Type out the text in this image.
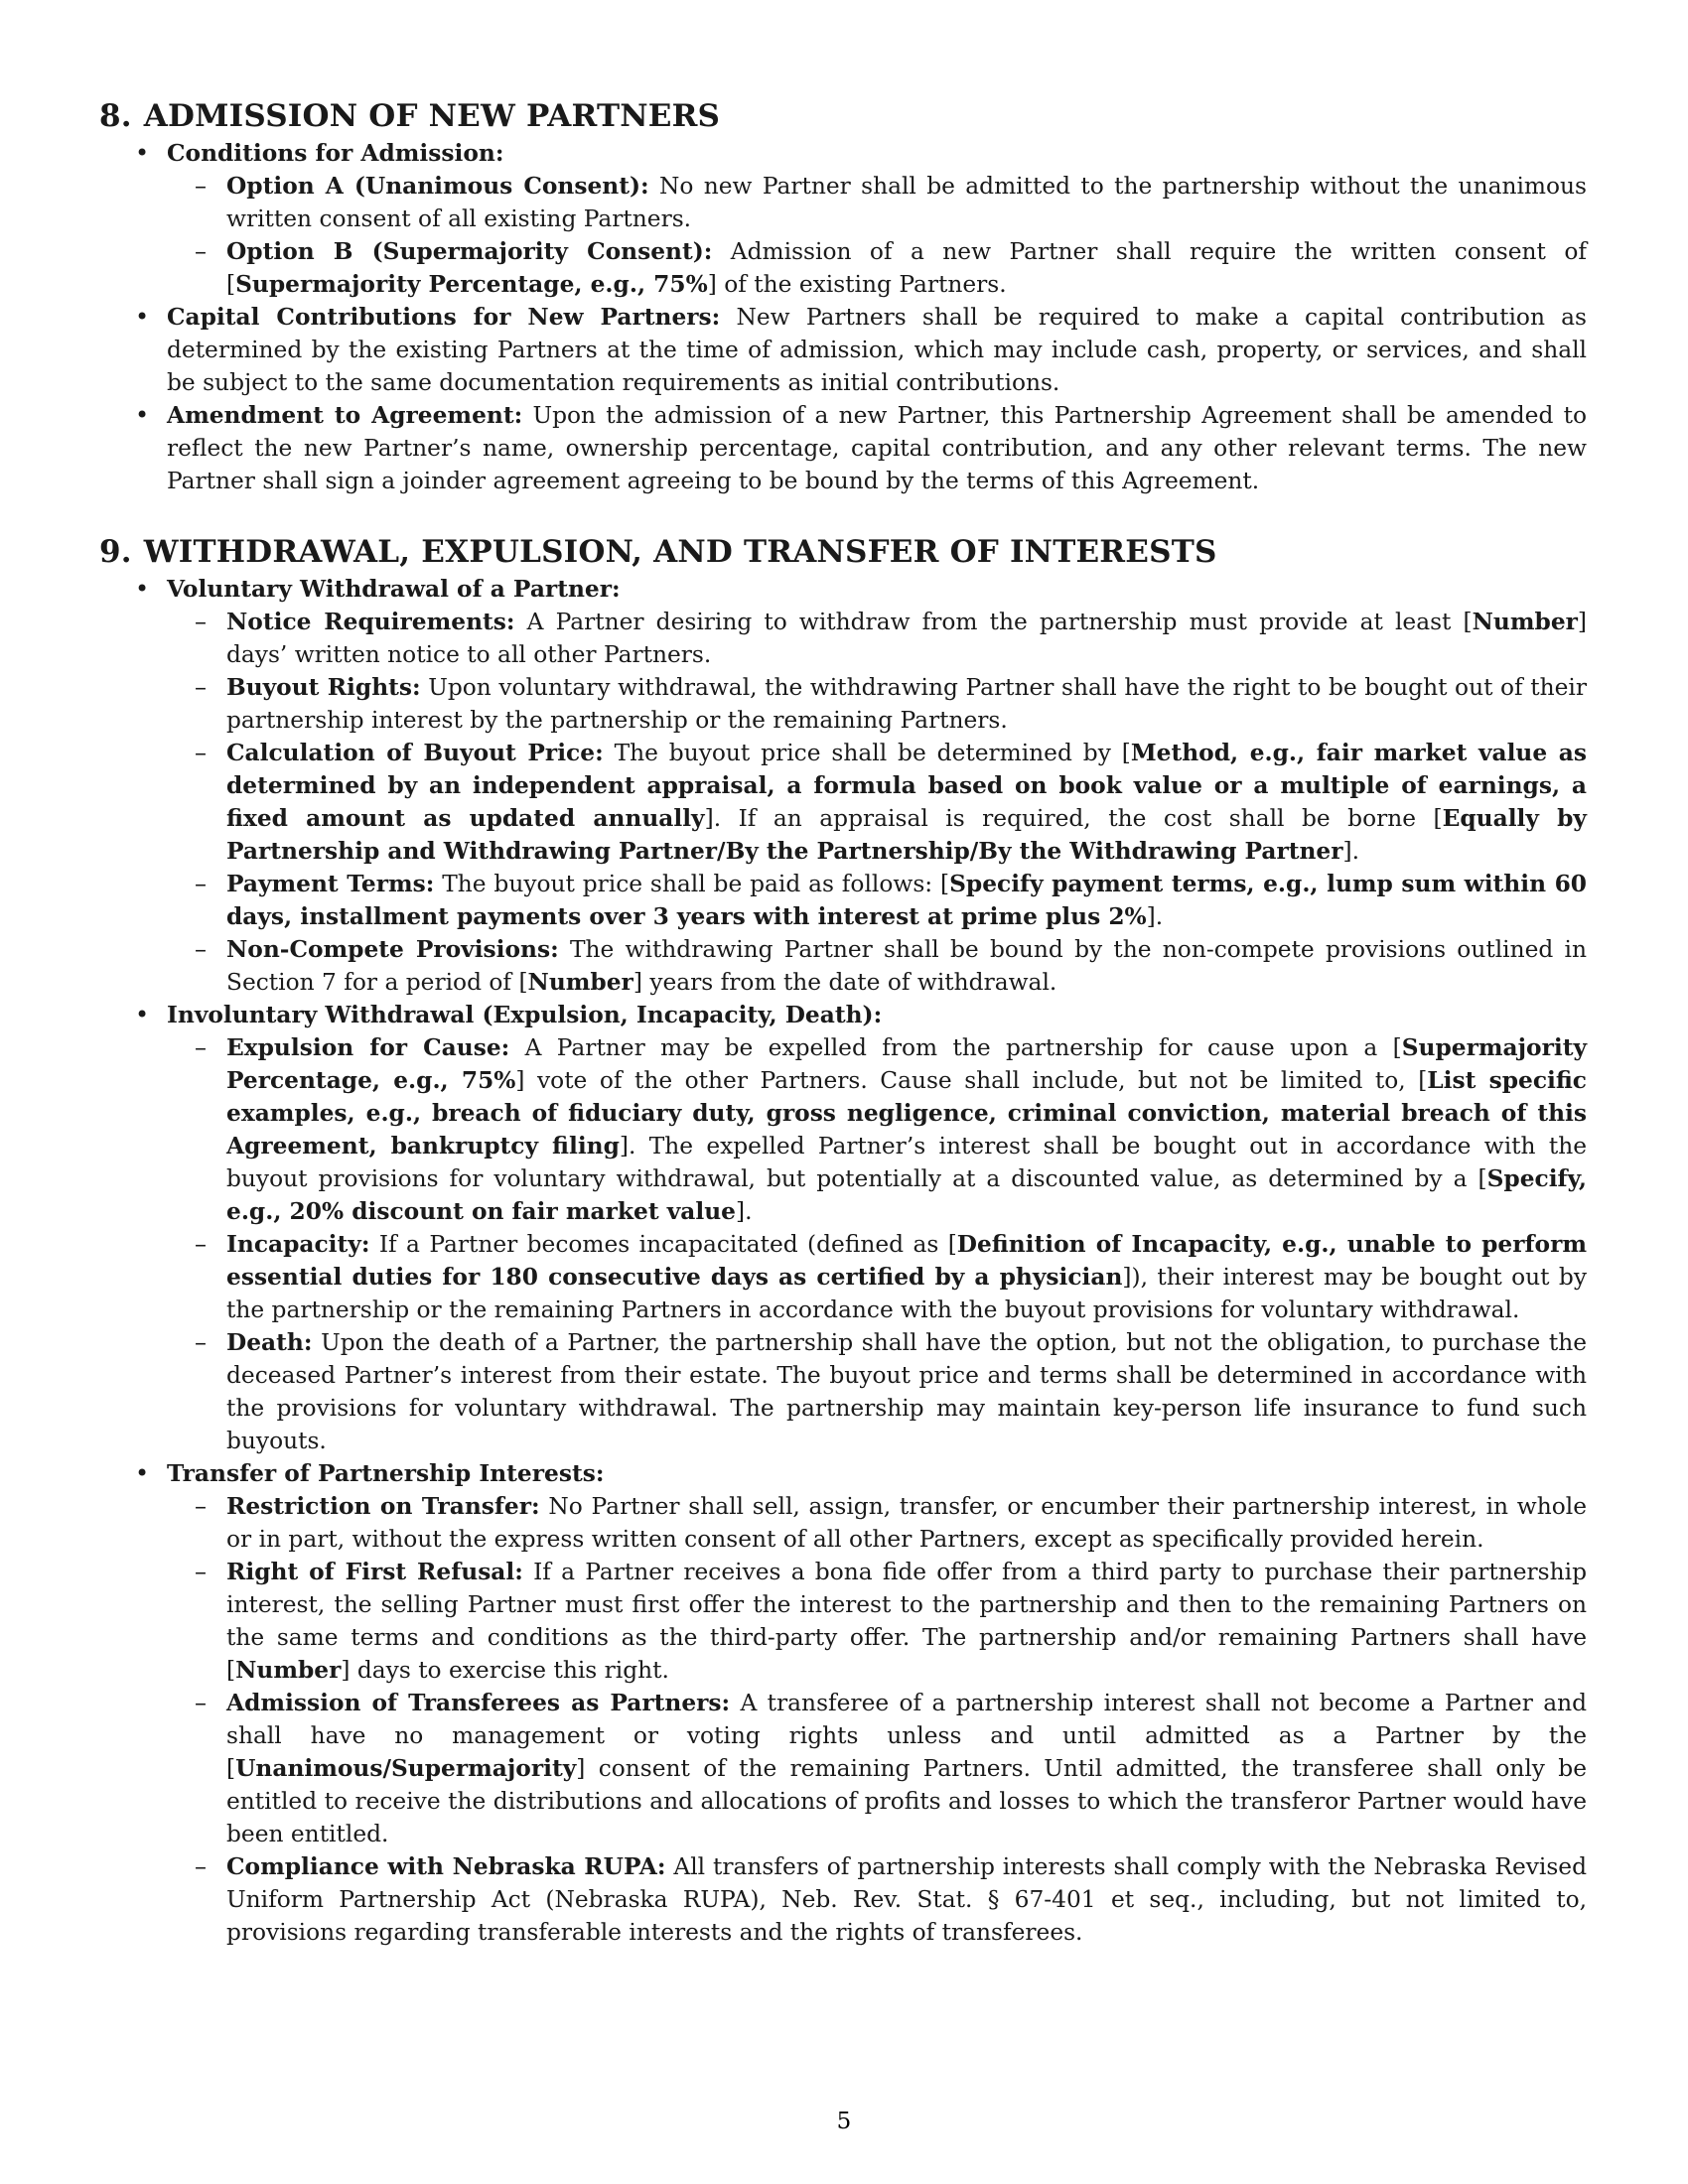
8. ADMISSION OF NEW PARTNERS
• Conditions for Admission:
– Option A (Unanimous Consent): No new Partner shall be admitted to the partnership without the unanimous written consent of all existing Partners.
– Option B (Supermajority Consent): Admission of a new Partner shall require the written consent of [Supermajority Percentage, e.g., 75%] of the existing Partners.
• Capital Contributions for New Partners: New Partners shall be required to make a capital contribution as determined by the existing Partners at the time of admission, which may include cash, property, or services, and shall be subject to the same documentation requirements as initial contributions.
• Amendment to Agreement: Upon the admission of a new Partner, this Partnership Agreement shall be amended to reflect the new Partner’s name, ownership percentage, capital contribution, and any other relevant terms. The new Partner shall sign a joinder agreement agreeing to be bound by the terms of this Agreement.
9. WITHDRAWAL, EXPULSION, AND TRANSFER OF INTERESTS
• Voluntary Withdrawal of a Partner:
– Notice Requirements: A Partner desiring to withdraw from the partnership must provide at least [Number] days’ written notice to all other Partners.
– Buyout Rights: Upon voluntary withdrawal, the withdrawing Partner shall have the right to be bought out of their partnership interest by the partnership or the remaining Partners.
– Calculation of Buyout Price: The buyout price shall be determined by [Method, e.g., fair market value as determined by an independent appraisal, a formula based on book value or a multiple of earnings, a fixed amount as updated annually]. If an appraisal is required, the cost shall be borne [Equally by Partnership and Withdrawing Partner/By the Partnership/By the Withdrawing Partner].
– Payment Terms: The buyout price shall be paid as follows: [Specify payment terms, e.g., lump sum within 60 days, installment payments over 3 years with interest at prime plus 2%].
– Non-Compete Provisions: The withdrawing Partner shall be bound by the non-compete provisions outlined in Section 7 for a period of [Number] years from the date of withdrawal.
• Involuntary Withdrawal (Expulsion, Incapacity, Death):
– Expulsion for Cause: A Partner may be expelled from the partnership for cause upon a [Supermajority Percentage, e.g., 75%] vote of the other Partners. Cause shall include, but not be limited to, [List specific examples, e.g., breach of fiduciary duty, gross negligence, criminal conviction, material breach of this Agreement, bankruptcy filing]. The expelled Partner’s interest shall be bought out in accordance with the buyout provisions for voluntary withdrawal, but potentially at a discounted value, as determined by a [Specify, e.g., 20% discount on fair market value].
– Incapacity: If a Partner becomes incapacitated (defined as [Definition of Incapacity, e.g., unable to perform essential duties for 180 consecutive days as certified by a physician]), their interest may be bought out by the partnership or the remaining Partners in accordance with the buyout provisions for voluntary withdrawal.
– Death: Upon the death of a Partner, the partnership shall have the option, but not the obligation, to purchase the deceased Partner’s interest from their estate. The buyout price and terms shall be determined in accordance with the provisions for voluntary withdrawal. The partnership may maintain key-person life insurance to fund such buyouts.
• Transfer of Partnership Interests:
– Restriction on Transfer: No Partner shall sell, assign, transfer, or encumber their partnership interest, in whole or in part, without the express written consent of all other Partners, except as specifically provided herein.
– Right of First Refusal: If a Partner receives a bona fide offer from a third party to purchase their partnership interest, the selling Partner must first offer the interest to the partnership and then to the remaining Partners on the same terms and conditions as the third-party offer. The partnership and/or remaining Partners shall have [Number] days to exercise this right.
– Admission of Transferees as Partners: A transferee of a partnership interest shall not become a Partner and shall have no management or voting rights unless and until admitted as a Partner by the [Unanimous/Supermajority] consent of the remaining Partners. Until admitted, the transferee shall only be entitled to receive the distributions and allocations of profits and losses to which the transferor Partner would have been entitled.
– Compliance with Nebraska RUPA: All transfers of partnership interests shall comply with the Nebraska Revised Uniform Partnership Act (Nebraska RUPA), Neb. Rev. Stat. § 67-401 et seq., including, but not limited to, provisions regarding transferable interests and the rights of transferees.
5
